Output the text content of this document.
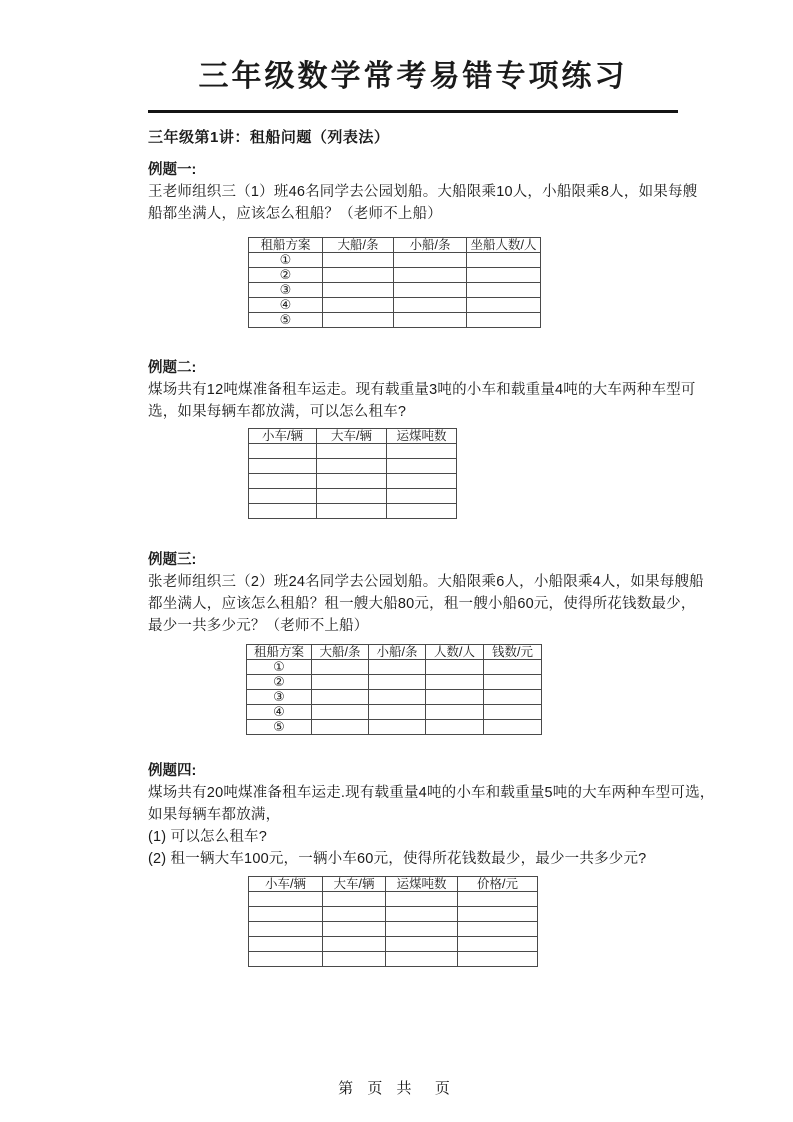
三年级数学常考易错专项练习
三年级第1讲：租船问题（列表法）
例题一:
王老师组织三（1）班46名同学去公园划船。大船限乘10人，小船限乘8人，如果每艘
船都坐满人，应该怎么租船？（老师不上船）
租船方案	大船/条	小船/条	坐船人数/人
①			
②			
③			
④			
⑤			
例题二:
煤场共有12吨煤准备租车运走。现有载重量3吨的小车和载重量4吨的大车两种车型可
选，如果每辆车都放满，可以怎么租车?
小车/辆	大车/辆	运煤吨数

例题三:
张老师组织三（2）班24名同学去公园划船。大船限乘6人，小船限乘4人，如果每艘船
都坐满人，应该怎么租船？租一艘大船80元，租一艘小船60元，使得所花钱数最少，
最少一共多少元？（老师不上船）
租船方案	大船/条	小船/条	人数/人	钱数/元
①				
②				
③				
④				
⑤				
例题四:
煤场共有20吨煤准备租车运走.现有载重量4吨的小车和载重量5吨的大车两种车型可选，
如果每辆车都放满，
(1) 可以怎么租车?
(2) 租一辆大车100元，一辆小车60元，使得所花钱数最少，最少一共多少元?
小车/辆	大车/辆	运煤吨数	价格/元

第 页 共  页
